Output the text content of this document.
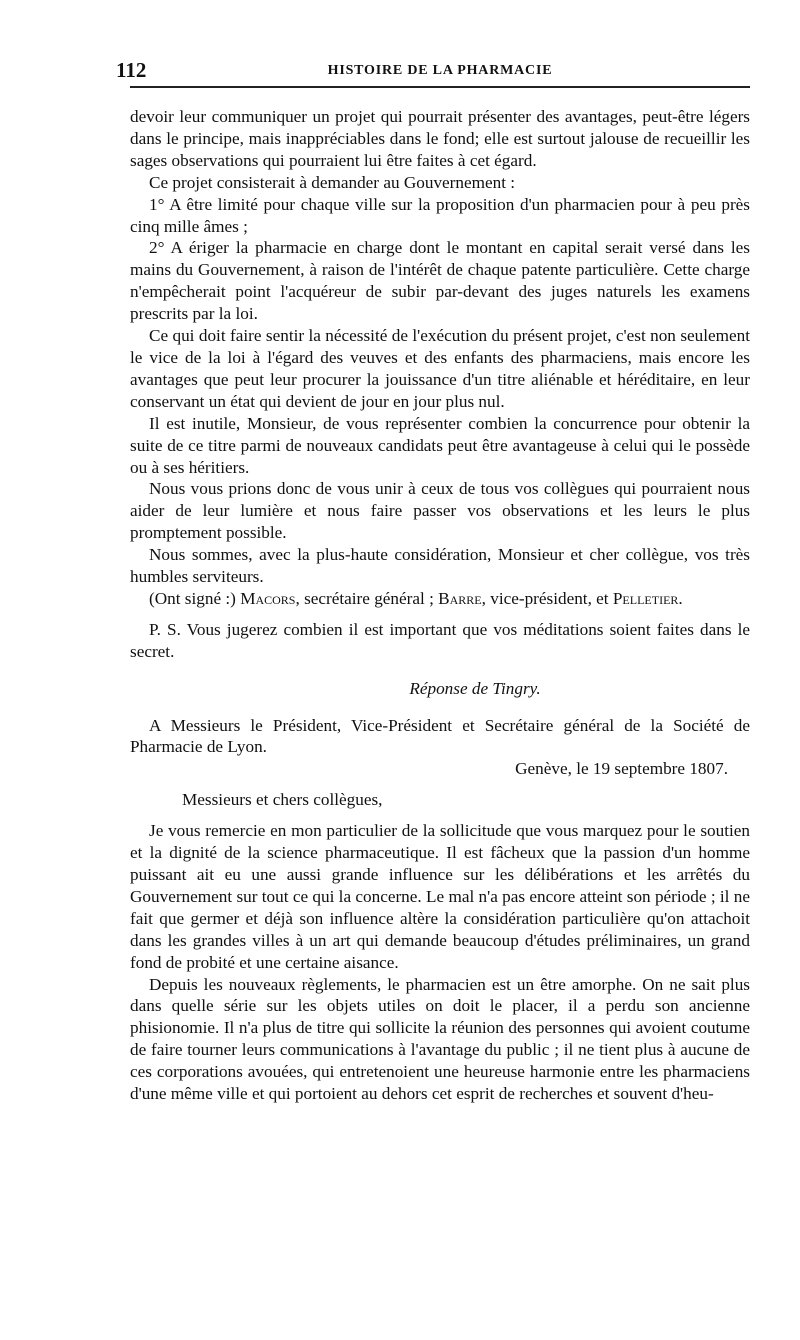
112	HISTOIRE DE LA PHARMACIE

devoir leur communiquer un projet qui pourrait présenter des avantages, peut-être légers dans le principe, mais inappréciables dans le fond; elle est surtout jalouse de recueillir les sages observations qui pourraient lui être faites à cet égard.

Ce projet consisterait à demander au Gouvernement :

1° A être limité pour chaque ville sur la proposition d'un pharmacien pour à peu près cinq mille âmes ;

2° A ériger la pharmacie en charge dont le montant en capital serait versé dans les mains du Gouvernement, à raison de l'intérêt de chaque patente particulière. Cette charge n'empêcherait point l'acquéreur de subir par-devant des juges naturels les examens prescrits par la loi.

Ce qui doit faire sentir la nécessité de l'exécution du présent projet, c'est non seulement le vice de la loi à l'égard des veuves et des enfants des pharmaciens, mais encore les avantages que peut leur procurer la jouissance d'un titre aliénable et héréditaire, en leur conservant un état qui devient de jour en jour plus nul.

Il est inutile, Monsieur, de vous représenter combien la concurrence pour obtenir la suite de ce titre parmi de nouveaux candidats peut être avantageuse à celui qui le possède ou à ses héritiers.

Nous vous prions donc de vous unir à ceux de tous vos collègues qui pourraient nous aider de leur lumière et nous faire passer vos observations et les leurs le plus promptement possible.

Nous sommes, avec la plus-haute considération, Monsieur et cher collègue, vos très humbles serviteurs.

(Ont signé :) Macors, secrétaire général ; Barre, vice-président, et Pelletier.

P. S. Vous jugerez combien il est important que vos méditations soient faites dans le secret.

Réponse de Tingry.

A Messieurs le Président, Vice-Président et Secrétaire général de la Société de Pharmacie de Lyon.

Genève, le 19 septembre 1807.

Messieurs et chers collègues,

Je vous remercie en mon particulier de la sollicitude que vous marquez pour le soutien et la dignité de la science pharmaceutique. Il est fâcheux que la passion d'un homme puissant ait eu une aussi grande influence sur les délibérations et les arrêtés du Gouvernement sur tout ce qui la concerne. Le mal n'a pas encore atteint son période ; il ne fait que germer et déjà son influence altère la considération particulière qu'on attachoit dans les grandes villes à un art qui demande beaucoup d'études préliminaires, un grand fond de probité et une certaine aisance.

Depuis les nouveaux règlements, le pharmacien est un être amorphe. On ne sait plus dans quelle série sur les objets utiles on doit le placer, il a perdu son ancienne phisionomie. Il n'a plus de titre qui sollicite la réunion des personnes qui avoient coutume de faire tourner leurs communications à l'avantage du public ; il ne tient plus à aucune de ces corporations avouées, qui entretenoient une heureuse harmonie entre les pharmaciens d'une même ville et qui portoient au dehors cet esprit de recherches et souvent d'heu-
